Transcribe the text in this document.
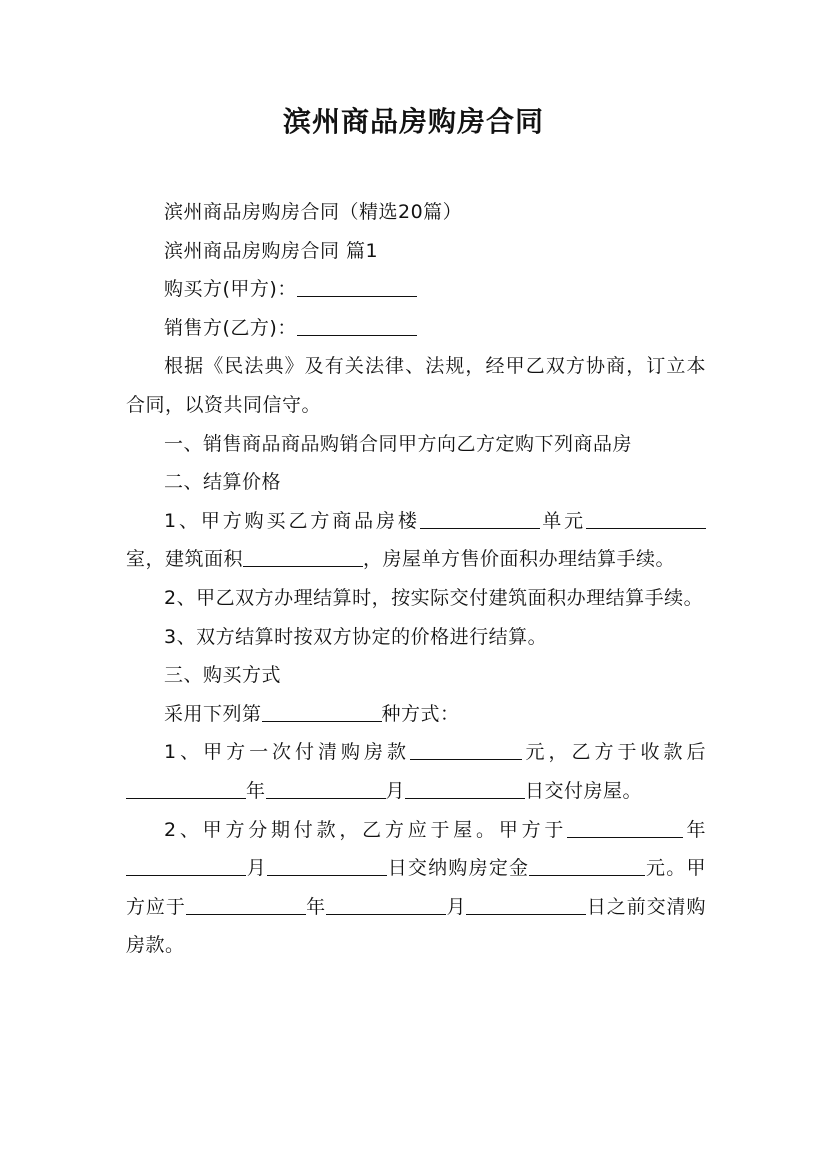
滨州商品房购房合同

滨州商品房购房合同（精选20篇）

滨州商品房购房合同 篇1

购买方(甲方)：

销售方(乙方)：

根据《民法典》及有关法律、法规，经甲乙双方协商，订立本合同，以资共同信守。

一、销售商品商品购销合同甲方向乙方定购下列商品房

二、结算价格

1、甲方购买乙方商品房楼	单元室，建筑面积	，房屋单方售价面积办理结算手续。

2、甲乙双方办理结算时，按实际交付建筑面积办理结算手续。

3、双方结算时按双方协定的价格进行结算。

三、购买方式

采用下列第	种方式：

1、甲方一次付清购房款	元，乙方于收款后年	月	日交付房屋。

2、甲方分期付款，乙方应于屋。甲方于	年月	日交纳购房定金	元。甲方应于	年	月	日之前交清购房款。
